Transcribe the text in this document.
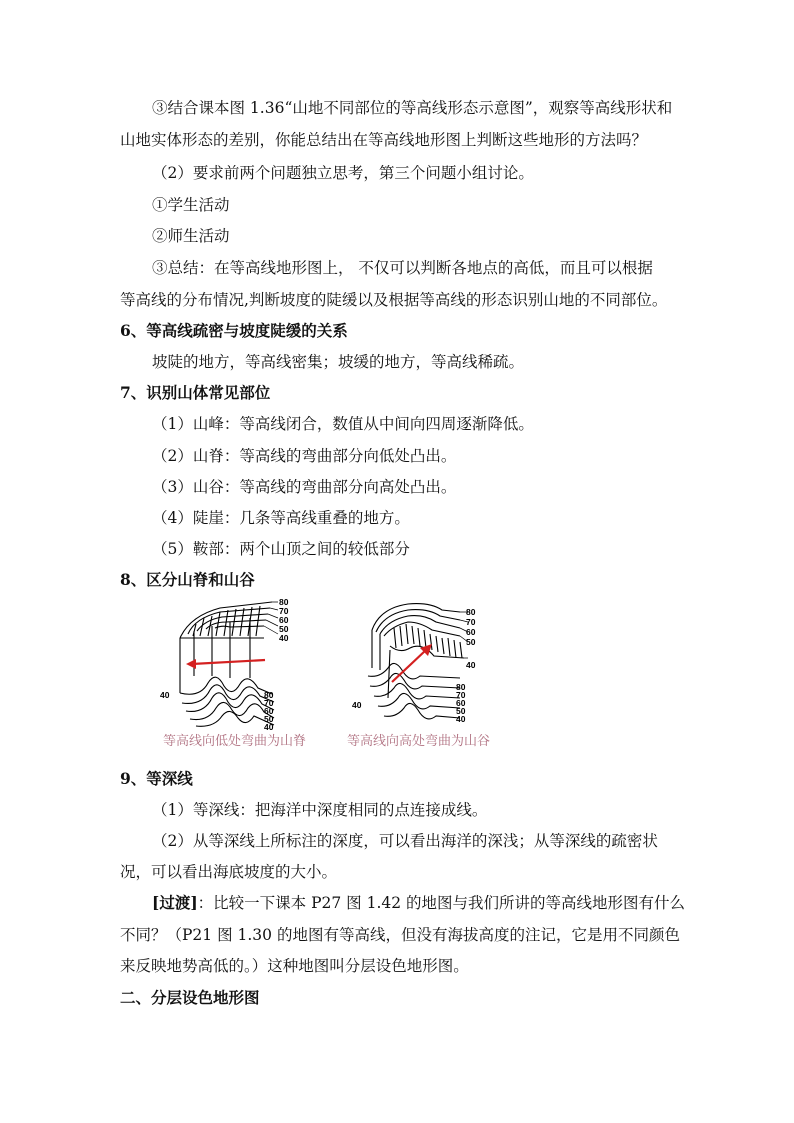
③结合课本图 1.36“山地不同部位的等高线形态示意图”，观察等高线形状和
山地实体形态的差别，你能总结出在等高线地形图上判断这些地形的方法吗？
（2）要求前两个问题独立思考，第三个问题小组讨论。
①学生活动
②师生活动
③总结：在等高线地形图上， 不仅可以判断各地点的高低，而且可以根据
等高线的分布情况,判断坡度的陡缓以及根据等高线的形态识别山地的不同部位。
6、等高线疏密与坡度陡缓的关系
坡陡的地方，等高线密集；坡缓的地方，等高线稀疏。
7、识别山体常见部位
（1）山峰：等高线闭合，数值从中间向四周逐渐降低。
（2）山脊：等高线的弯曲部分向低处凸出。
（3）山谷：等高线的弯曲部分向高处凸出。
（4）陡崖：几条等高线重叠的地方。
（5）鞍部：两个山顶之间的较低部分
8、区分山脊和山谷
80
70
60
50
40
40	80
70
60
50
40
等高线向低处弯曲为山脊
80
70
60
50
40
40
80
70
60
50
40
等高线向高处弯曲为山谷
9、等深线
（1）等深线：把海洋中深度相同的点连接成线。
（2）从等深线上所标注的深度，可以看出海洋的深浅；从等深线的疏密状
况，可以看出海底坡度的大小。
[过渡]：比较一下课本 P27 图 1.42 的地图与我们所讲的等高线地形图有什么
不同？（P21 图 1.30 的地图有等高线，但没有海拔高度的注记，它是用不同颜色
来反映地势高低的。）这种地图叫分层设色地形图。
二、分层设色地形图
